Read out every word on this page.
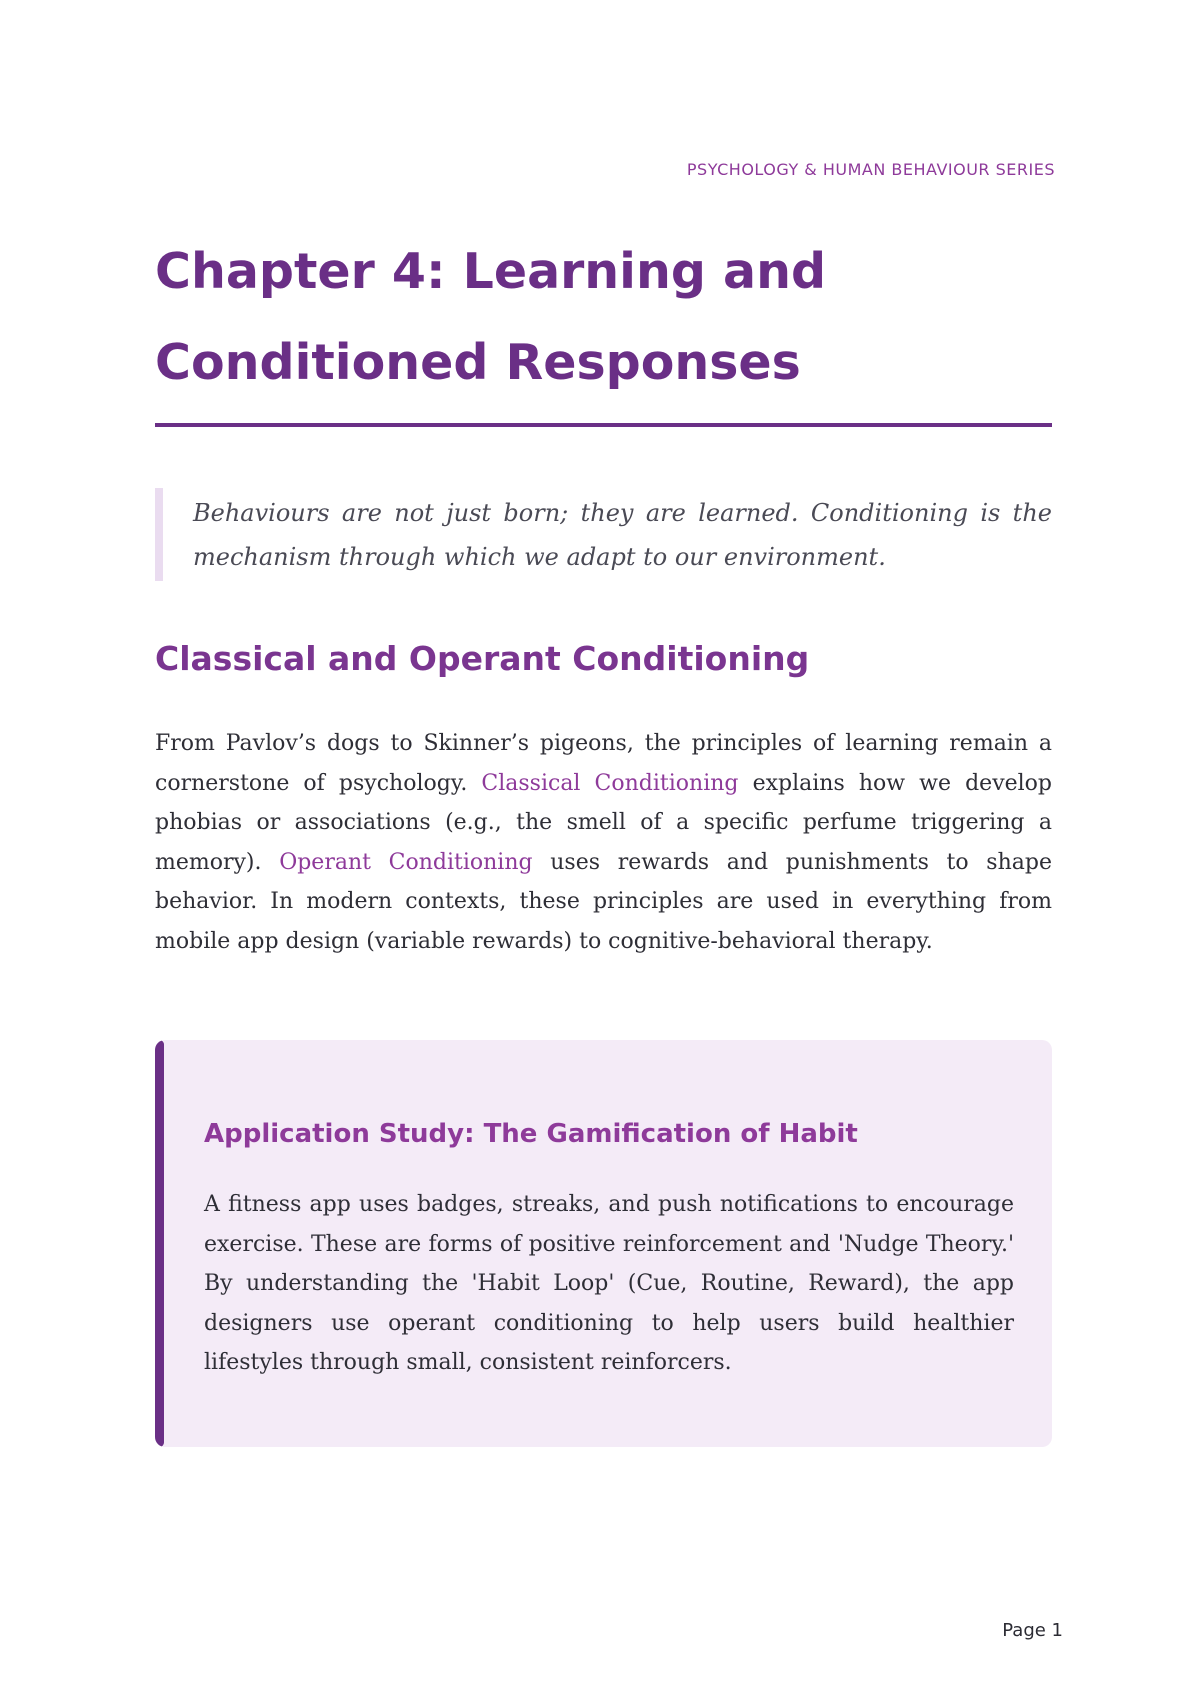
PSYCHOLOGY & HUMAN BEHAVIOUR SERIES
Chapter 4: Learning and Conditioned Responses

Behaviours are not just born; they are learned. Conditioning is the mechanism through which we adapt to our environment.

Classical and Operant Conditioning

From Pavlov’s dogs to Skinner’s pigeons, the principles of learning remain a cornerstone of psychology. Classical Conditioning explains how we develop phobias or associations (e.g., the smell of a specific perfume triggering a memory). Operant Conditioning uses rewards and punishments to shape behavior. In modern contexts, these principles are used in everything from mobile app design (variable rewards) to cognitive-behavioral therapy.

Application Study: The Gamification of Habit

A fitness app uses badges, streaks, and push notifications to encourage exercise. These are forms of positive reinforcement and 'Nudge Theory.' By understanding the 'Habit Loop' (Cue, Routine, Reward), the app designers use operant conditioning to help users build healthier lifestyles through small, consistent reinforcers.

Page 1
